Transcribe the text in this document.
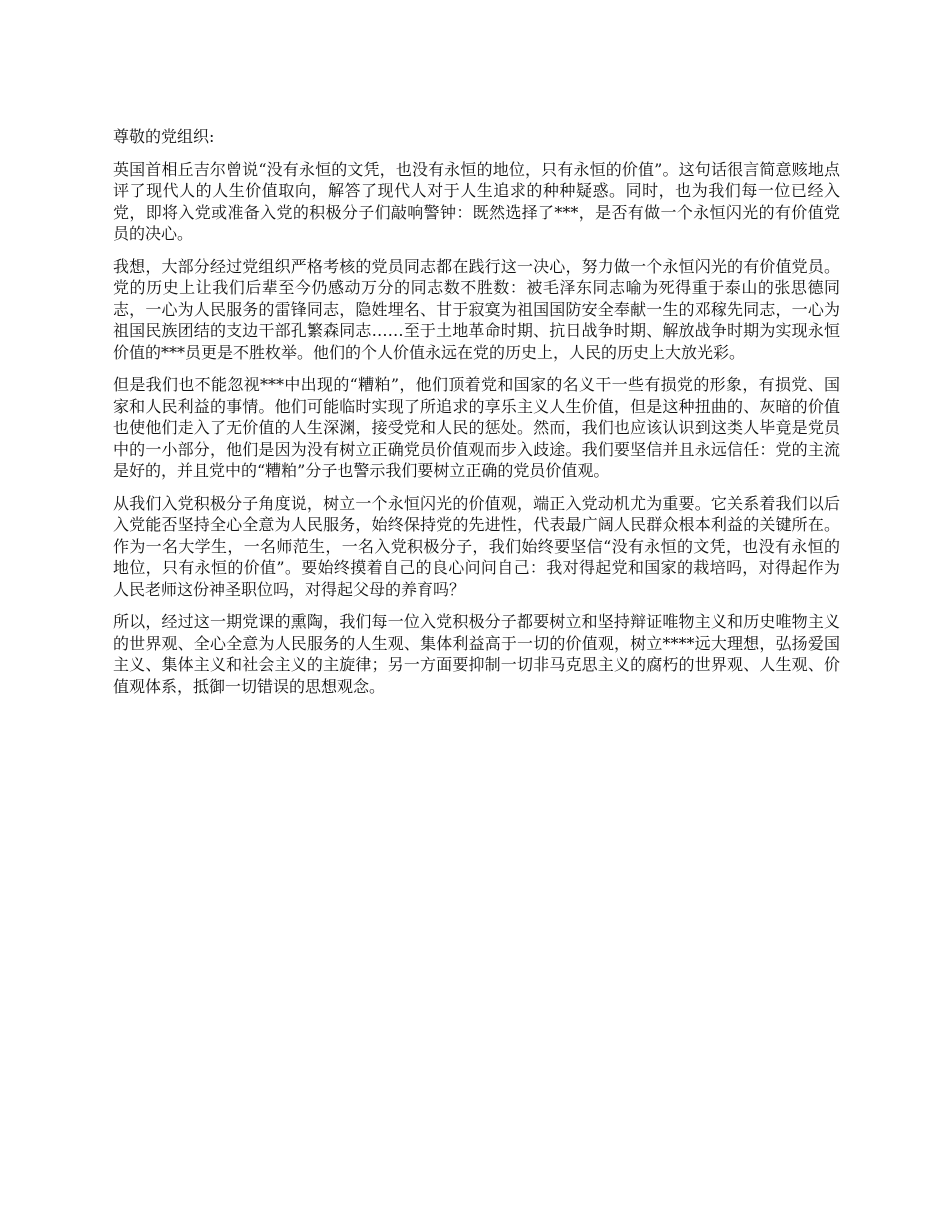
尊敬的党组织:

英国首相丘吉尔曾说“没有永恒的文凭，也没有永恒的地位，只有永恒的价值”。这句话很言简意赅地点评了现代人的人生价值取向，解答了现代人对于人生追求的种种疑惑。同时，也为我们每一位已经入党，即将入党或准备入党的积极分子们敲响警钟：既然选择了***，是否有做一个永恒闪光的有价值党员的决心。

我想，大部分经过党组织严格考核的党员同志都在践行这一决心，努力做一个永恒闪光的有价值党员。党的历史上让我们后辈至今仍感动万分的同志数不胜数：被毛泽东同志喻为死得重于泰山的张思德同志，一心为人民服务的雷锋同志，隐姓埋名、甘于寂寞为祖国国防安全奉献一生的邓稼先同志，一心为祖国民族团结的支边干部孔繁森同志……至于土地革命时期、抗日战争时期、解放战争时期为实现永恒价值的***员更是不胜枚举。他们的个人价值永远在党的历史上，人民的历史上大放光彩。

但是我们也不能忽视***中出现的“糟粕”，他们顶着党和国家的名义干一些有损党的形象，有损党、国家和人民利益的事情。他们可能临时实现了所追求的享乐主义人生价值，但是这种扭曲的、灰暗的价值也使他们走入了无价值的人生深渊，接受党和人民的惩处。然而，我们也应该认识到这类人毕竟是党员中的一小部分，他们是因为没有树立正确党员价值观而步入歧途。我们要坚信并且永远信任：党的主流是好的，并且党中的“糟粕”分子也警示我们要树立正确的党员价值观。

从我们入党积极分子角度说，树立一个永恒闪光的价值观，端正入党动机尤为重要。它关系着我们以后入党能否坚持全心全意为人民服务，始终保持党的先进性，代表最广阔人民群众根本利益的关键所在。作为一名大学生，一名师范生，一名入党积极分子，我们始终要坚信“没有永恒的文凭，也没有永恒的地位，只有永恒的价值”。要始终摸着自己的良心问问自己：我对得起党和国家的栽培吗，对得起作为人民老师这份神圣职位吗，对得起父母的养育吗？

所以，经过这一期党课的熏陶，我们每一位入党积极分子都要树立和坚持辩证唯物主义和历史唯物主义的世界观、全心全意为人民服务的人生观、集体利益高于一切的价值观，树立****远大理想，弘扬爱国主义、集体主义和社会主义的主旋律；另一方面要抑制一切非马克思主义的腐朽的世界观、人生观、价值观体系，抵御一切错误的思想观念。
